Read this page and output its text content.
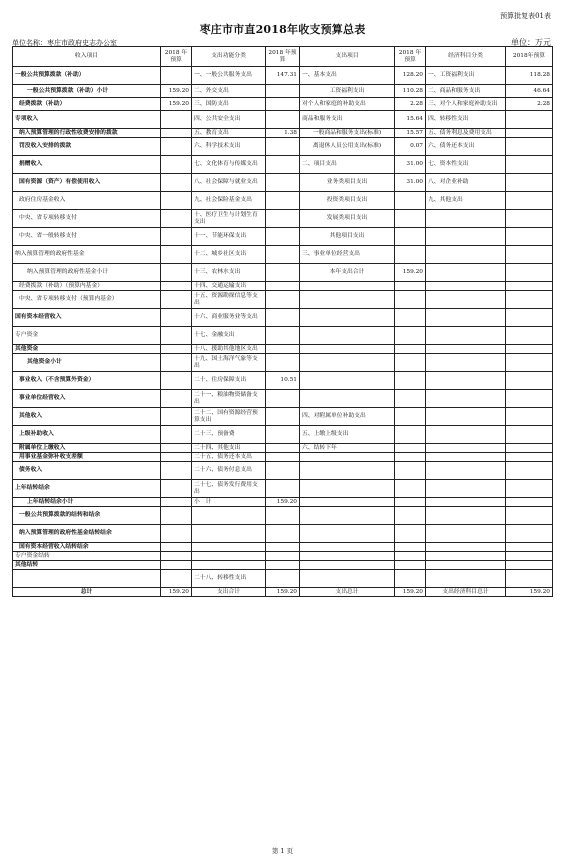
预算批复表01表
枣庄市市直2018年收支预算总表
单位名称：枣庄市政府史志办公室	单位：万元
收入项目	2018 年预算	支出功能分类	2018 年预算	支出项目	2018 年预算	经济科目分类	2018年预算
一般公共预算拨款（补助）		一、一般公共服务支出	147.31	一、基本支出	128.20	一、工资福利支出	118.28
一般公共预算拨款（补助）小计	159.20	二、外交支出		工资福利支出	110.28	二、商品和服务支出	46.64
经费拨款（补助）	159.20	三、国防支出		对个人和家庭的补助支出	2.28	三、对个人和家庭补助支出	2.28
专项收入		四、公共安全支出		商品和服务支出	15.64	四、转移性支出	
纳入预算管理的行政性收费安排的拨款		五、教育支出	1.38	一般商品和服务支出(标准)	15.57	五、债务利息及费用支出	
罚没收入安排的拨款		六、科学技术支出		离退休人员公用支出(标准)	0.07	六、债务还本支出	
捐赠收入		七、文化体育与传媒支出		二、项目支出	31.00	七、资本性支出	
国有资源（资产）有偿使用收入		八、社会保障与就业支出		业务类项目支出	31.00	八、对企业补助	
政府住房基金收入		九、社会保险基金支出		投资类项目支出		九、其他支出	
中央、省专项转移支付		十、医疗卫生与计划生育支出		发展类项目支出			
中央、省一般转移支付		十一、节能环保支出		其他项目支出			
纳入预算管理的政府性基金		十二、城乡社区支出		三、事业单位经营支出			
纳入预算管理的政府性基金小计		十三、农林水支出		本年支出合计	159.20		
经费拨款（补助）（预算内基金）		十四、交通运输支出					
中央、省专项转移支付（预算内基金）		十五、资源勘探信息等支出					
国有资本经营收入		十六、商业服务业等支出					
专户资金		十七、金融支出					
其他资金		十八、援助其他地区支出					
其他资金小计		十九、国土海洋气象等支出					
事业收入（不含预算外资金）		二十、住房保障支出	10.51				
事业单位经营收入		二十一、粮油物资储备支出					
其他收入		二十二、国有资源经营预算支出		四、对附属单位补助支出			
上级补助收入		二十三、预备费		五、上缴上级支出			
附属单位上缴收入		二十四、其他支出		六、结转下年			
用事业基金弥补收支差额		二十五、债务还本支出					
债务收入		二十六、债务付息支出					
上年结转结余		二十七、债务发行费用支出					
上年结转结余小计		小　计	159.20				
一般公共预算拨款的结转和结余							
纳入预算管理的政府性基金结转结余							
国有资本经营收入结转结余							
专户资金结转							
其他结转							
		二十八、转移性支出					
总计	159.20	支出合计	159.20	支出总计	159.20	支出经济科目总计	159.20
第 1 页
